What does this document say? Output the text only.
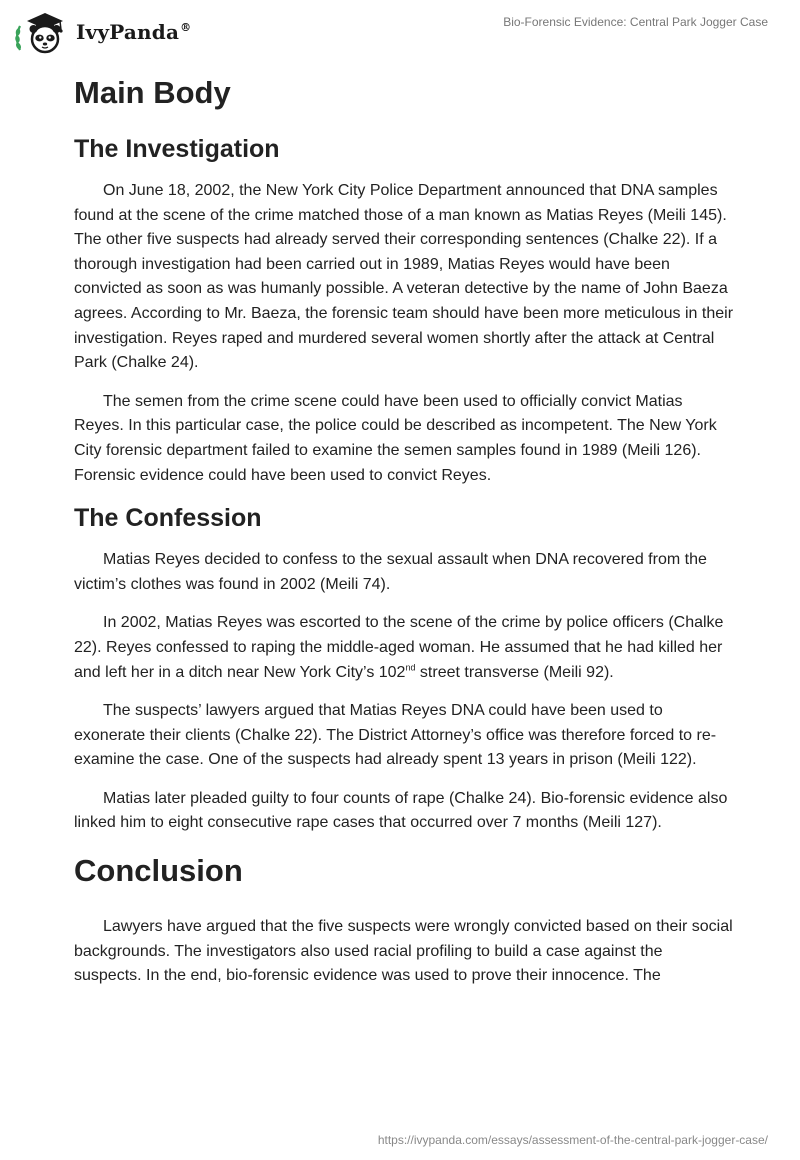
IvyPanda®	Bio-Forensic Evidence: Central Park Jogger Case
Main Body
The Investigation

On June 18, 2002, the New York City Police Department announced that DNA samples found at the scene of the crime matched those of a man known as Matias Reyes (Meili 145). The other five suspects had already served their corresponding sentences (Chalke 22). If a thorough investigation had been carried out in 1989, Matias Reyes would have been convicted as soon as was humanly possible. A veteran detective by the name of John Baeza agrees. According to Mr. Baeza, the forensic team should have been more meticulous in their investigation. Reyes raped and murdered several women shortly after the attack at Central Park (Chalke 24).

The semen from the crime scene could have been used to officially convict Matias Reyes. In this particular case, the police could be described as incompetent. The New York City forensic department failed to examine the semen samples found in 1989 (Meili 126). Forensic evidence could have been used to convict Reyes.

The Confession

Matias Reyes decided to confess to the sexual assault when DNA recovered from the victim’s clothes was found in 2002 (Meili 74).

In 2002, Matias Reyes was escorted to the scene of the crime by police officers (Chalke 22). Reyes confessed to raping the middle-aged woman. He assumed that he had killed her and left her in a ditch near New York City’s 102nd street transverse (Meili 92).

The suspects’ lawyers argued that Matias Reyes DNA could have been used to exonerate their clients (Chalke 22). The District Attorney’s office was therefore forced to re-examine the case. One of the suspects had already spent 13 years in prison (Meili 122).

Matias later pleaded guilty to four counts of rape (Chalke 24). Bio-forensic evidence also linked him to eight consecutive rape cases that occurred over 7 months (Meili 127).

Conclusion

Lawyers have argued that the five suspects were wrongly convicted based on their social backgrounds. The investigators also used racial profiling to build a case against the suspects. In the end, bio-forensic evidence was used to prove their innocence. The

https://ivypanda.com/essays/assessment-of-the-central-park-jogger-case/
